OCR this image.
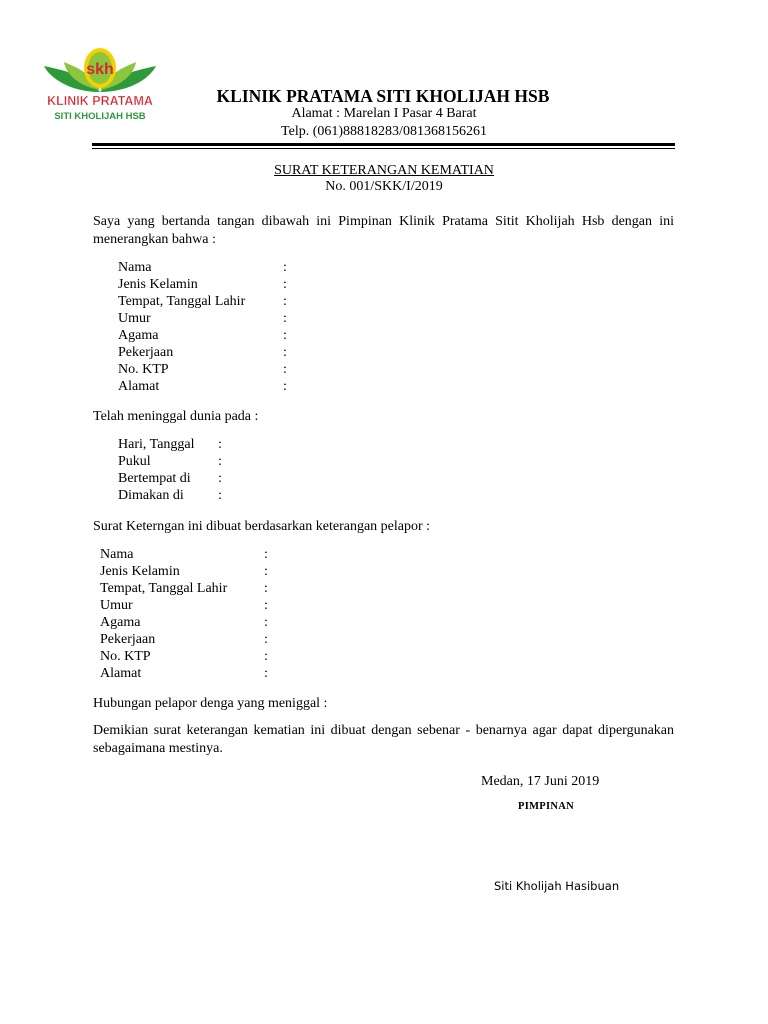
skh
KLINIK PRATAMA
SITI KHOLIJAH HSB
KLINIK PRATAMA SITI KHOLIJAH HSB
Alamat : Marelan I Pasar 4 Barat
Telp. (061)88818283/081368156261
SURAT KETERANGAN KEMATIAN
No. 001/SKK/I/2019
Saya yang bertanda tangan dibawah ini Pimpinan Klinik Pratama Sitit Kholijah Hsb dengan ini menerangkan bahwa :
Nama
Jenis Kelamin
Tempat, Tanggal Lahir
Umur
Agama
Pekerjaan
No. KTP
Alamat
:
:
:
:
:
:
:
:
Telah meninggal dunia pada :
Hari, Tanggal
Pukul
Bertempat di
Dimakan di
:
:
:
:
Surat Keterngan ini dibuat berdasarkan keterangan pelapor :
Nama
Jenis Kelamin
Tempat, Tanggal Lahir
Umur
Agama
Pekerjaan
No. KTP
Alamat
:
:
:
:
:
:
:
:
Hubungan pelapor denga yang meniggal :
Demikian surat keterangan kematian ini dibuat dengan sebenar - benarnya agar dapat dipergunakan sebagaimana mestinya.
Medan, 17 Juni 2019
PIMPINAN
Siti Kholijah Hasibuan
